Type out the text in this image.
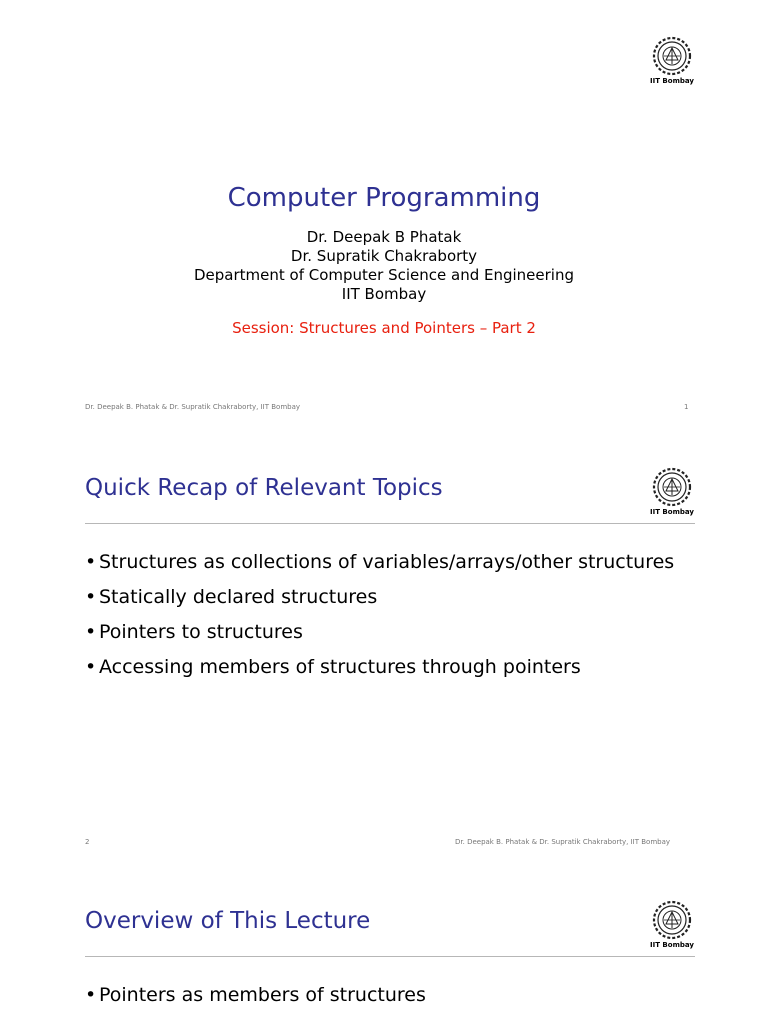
IIT Bombay
Computer Programming
Dr. Deepak B Phatak
Dr. Supratik Chakraborty
Department of Computer Science and Engineering
IIT Bombay
Session: Structures and Pointers – Part 2
Dr. Deepak B. Phatak & Dr. Supratik Chakraborty, IIT Bombay	1
IIT Bombay
Quick Recap of Relevant Topics
• Structures as collections of variables/arrays/other structures
• Statically declared structures
• Pointers to structures
• Accessing members of structures through pointers
2	Dr. Deepak B. Phatak & Dr. Supratik Chakraborty, IIT Bombay
IIT Bombay
Overview of This Lecture
• Pointers as members of structures
